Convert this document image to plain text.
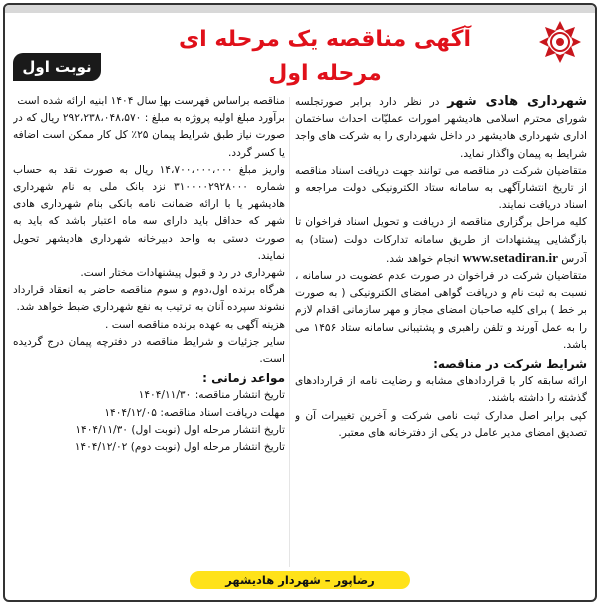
آگهی مناقصه یک مرحله ای
مرحله اول
نوبت اول

شهرداری هادی شهر در نظر دارد برابر صورتجلسه شورای محترم اسلامی هادیشهر امورات عملیّات احداث ساختمان اداری شهرداری هادیشهر در داخل شهرداری را به شرکت های واجد شرایط به پیمان واگذار نماید.

متقاضیان شرکت در مناقصه می توانند جهت دریافت اسناد مناقصه از تاریخ انتشارآگهی به سامانه ستاد الکترونیکی دولت مراجعه و اسناد دریافت نمایند.

کلیه مراحل برگزاری مناقصه از دریافت و تحویل اسناد فراخوان تا بازگشایی پیشنهادات از طریق سامانه تدارکات دولت (ستاد) به آدرس www.setadiran.ir انجام خواهد شد.

متقاضیان شرکت در فراخوان در صورت عدم عضویت در سامانه ، نسبت به ثبت نام و دریافت گواهی امضای الکترونیکی ( به صورت بر خط ) برای کلیه صاحبان امضای مجاز و مهر سازمانی اقدام لازم را به عمل آورند و تلفن راهبری و پشتیبانی سامانه ستاد ۱۴۵۶ می باشد.

شرایط شرکت در مناقصه:

ارائه سابقه کار با قراردادهای مشابه و رضایت نامه از قراردادهای گذشته را داشته باشند.

کپی برابر اصل مدارک ثبت نامی شرکت و آخرین تغییرات آن و تصدیق امضای مدیر عامل در یکی از دفترخانه های معتبر.

مناقصه براساس فهرست بهاِ سال ۱۴۰۴ ابنیه ارائه شده است

برآورد مبلغ اولیه پروژه به مبلغ : ۲۹۲،۲۳۸،۰۴۸،۵۷۰ ریال که در صورت نیاز طبق شرایط پیمان ۲۵٪ کل کار ممکن است اضافه یا کسر گردد.

واریز مبلغ ۱۴،۷۰۰،۰۰۰،۰۰۰ ریال به صورت نقد به حساب شماره ۳۱۰۰۰۰۲۹۲۸۰۰۰ نزد بانک ملی به نام شهرداری هادیشهر یا با ارائه ضمانت نامه بانکی بنام شهرداری هادی شهر که حداقل باید دارای سه ماه اعتبار باشد که باید به صورت دستی به واحد دبیرخانه شهرداری هادیشهر تحویل نمایند.

شهرداری در رد و قبول پیشنهادات مختار است.

هرگاه برنده اول،دوم و سوم مناقصه حاضر به انعقاد قرارداد نشوند سپرده آنان به ترتیب به نفع شهرداری ضبط خواهد شد.

هزینه آگهی به عهده برنده مناقصه است .

سایر جزئیات و شرایط مناقصه در دفترچه پیمان درج گردیده است.

مواعد زمانی :

تاریخ انتشار مناقصه: ۱۴۰۴/۱۱/۳۰

مهلت دریافت اسناد مناقصه: ۱۴۰۴/۱۲/۰۵

تاریخ انتشار مرحله اول (نوبت اول) ۱۴۰۴/۱۱/۳۰

تاریخ انتشار مرحله اول (نوبت دوم) ۱۴۰۴/۱۲/۰۲

رضاپور – شهردار هادیشهر
